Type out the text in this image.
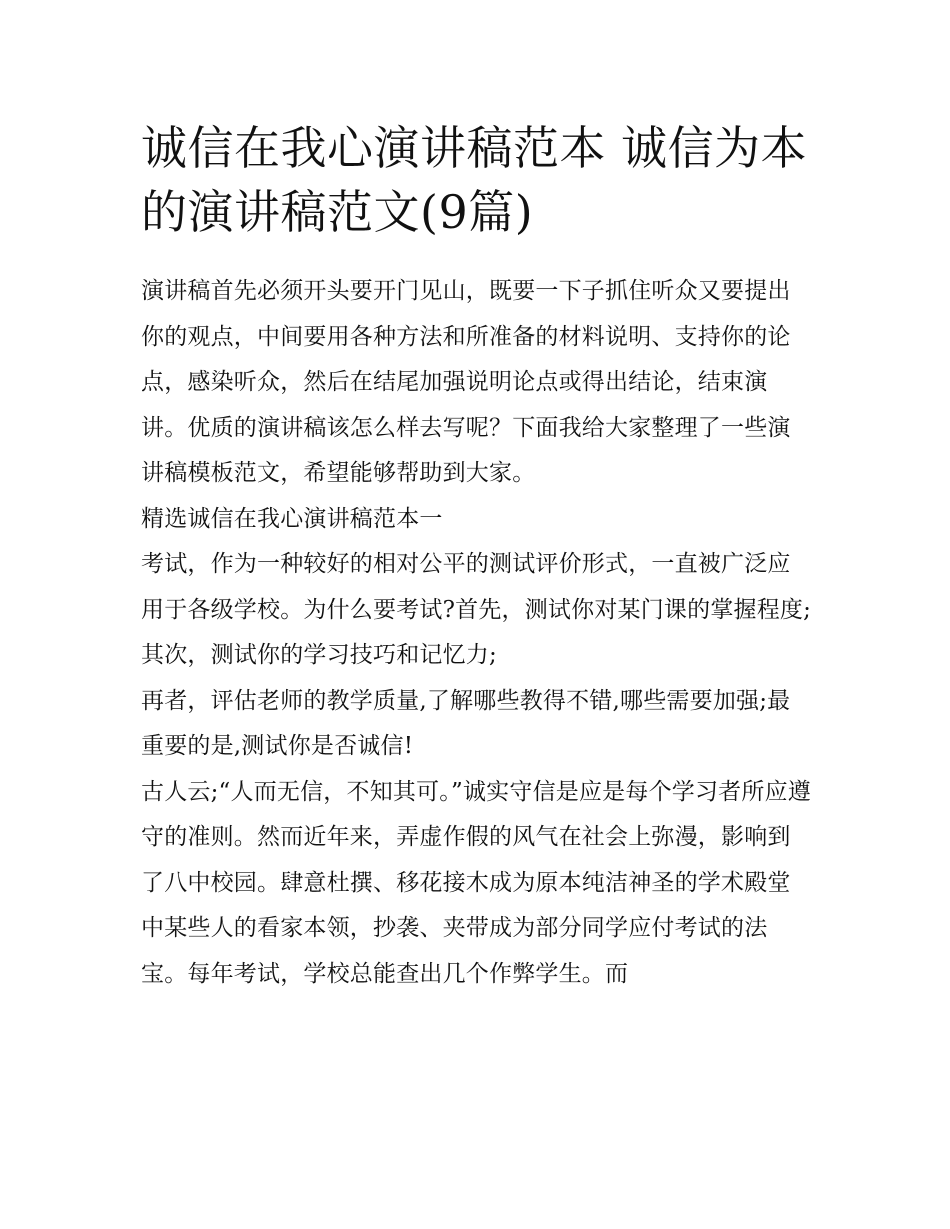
诚信在我心演讲稿范本 诚信为本的演讲稿范文(9篇)

演讲稿首先必须开头要开门见山，既要一下子抓住听众又要提出你的观点，中间要用各种方法和所准备的材料说明、支持你的论点，感染听众，然后在结尾加强说明论点或得出结论，结束演讲。优质的演讲稿该怎么样去写呢？下面我给大家整理了一些演讲稿模板范文，希望能够帮助到大家。

精选诚信在我心演讲稿范本一

考试，作为一种较好的相对公平的测试评价形式，一直被广泛应用于各级学校。为什么要考试?首先，测试你对某门课的掌握程度;其次，测试你的学习技巧和记忆力;

再者，评估老师的教学质量,了解哪些教得不错,哪些需要加强;最重要的是,测试你是否诚信!

古人云;“人而无信，不知其可。”诚实守信是应是每个学习者所应遵守的准则。然而近年来，弄虚作假的风气在社会上弥漫，影响到了八中校园。肆意杜撰、移花接木成为原本纯洁神圣的学术殿堂中某些人的看家本领，抄袭、夹带成为部分同学应付考试的法宝。每年考试，学校总能查出几个作弊学生。而
